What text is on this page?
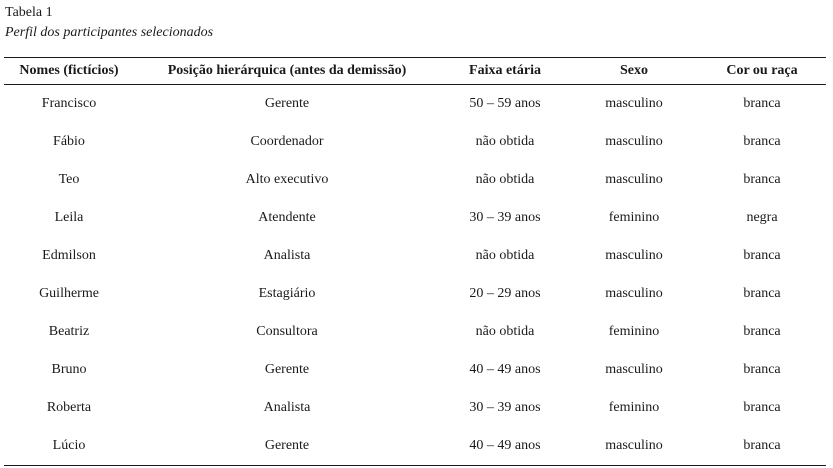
Tabela 1
Perfil dos participantes selecionados
Nomes (fictícios)	Posição hierárquica (antes da demissão)	Faixa etária	Sexo	Cor ou raça
Francisco	Gerente	50 – 59 anos	masculino	branca
Fábio	Coordenador	não obtida	masculino	branca
Teo	Alto executivo	não obtida	masculino	branca
Leila	Atendente	30 – 39 anos	feminino	negra
Edmilson	Analista	não obtida	masculino	branca
Guilherme	Estagiário	20 – 29 anos	masculino	branca
Beatriz	Consultora	não obtida	feminino	branca
Bruno	Gerente	40 – 49 anos	masculino	branca
Roberta	Analista	30 – 39 anos	feminino	branca
Lúcio	Gerente	40 – 49 anos	masculino	branca
